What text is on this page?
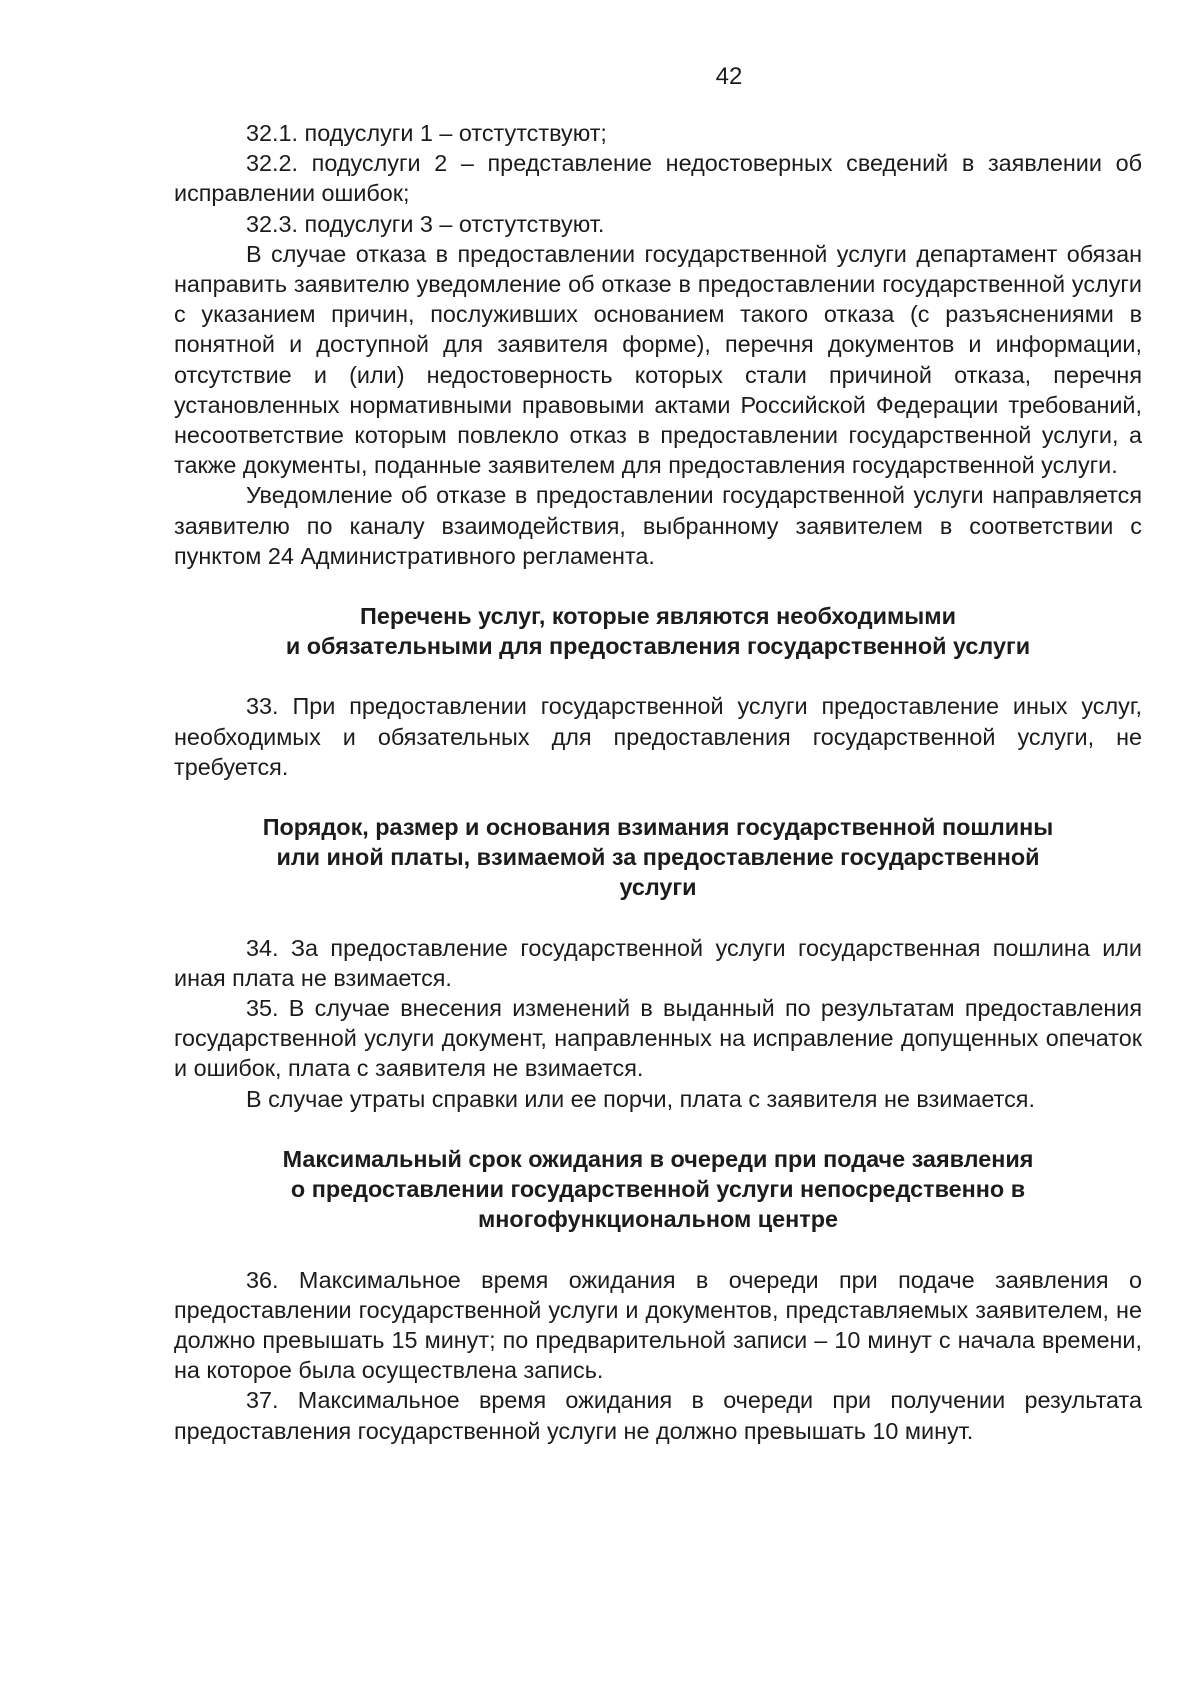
42

32.1. подуслуги 1 – отстутствуют;

32.2. подуслуги 2 – представление недостоверных сведений в заявлении об исправлении ошибок;

32.3. подуслуги 3 – отстутствуют.

В случае отказа в предоставлении государственной услуги департамент обязан направить заявителю уведомление об отказе в предоставлении государственной услуги с указанием причин, послуживших основанием такого отказа (с разъяснениями в понятной и доступной для заявителя форме), перечня документов и информации, отсутствие и (или) недостоверность которых стали причиной отказа, перечня установленных нормативными правовыми актами Российской Федерации требований, несоответствие которым повлекло отказ в предоставлении государственной услуги, а также документы, поданные заявителем для предоставления государственной услуги.

Уведомление об отказе в предоставлении государственной услуги направляется заявителю по каналу взаимодействия, выбранному заявителем в соответствии с пунктом 24 Административного регламента.

Перечень услуг, которые являются необходимыми
и обязательными для предоставления государственной услуги

33. При предоставлении государственной услуги предоставление иных услуг, необходимых и обязательных для предоставления государственной услуги, не требуется.

Порядок, размер и основания взимания государственной пошлины
или иной платы, взимаемой за предоставление государственной
услуги

34. За предоставление государственной услуги государственная пошлина или иная плата не взимается.

35. В случае внесения изменений в выданный по результатам предоставления государственной услуги документ, направленных на исправление допущенных опечаток и ошибок, плата с заявителя не взимается.

В случае утраты справки или ее порчи, плата с заявителя не взимается.

Максимальный срок ожидания в очереди при подаче заявления
о предоставлении государственной услуги непосредственно в
многофункциональном центре

36. Максимальное время ожидания в очереди при подаче заявления о предоставлении государственной услуги и документов, представляемых заявителем, не должно превышать 15 минут; по предварительной записи – 10 минут с начала времени, на которое была осуществлена запись.

37. Максимальное время ожидания в очереди при получении результата предоставления государственной услуги не должно превышать 10 минут.
